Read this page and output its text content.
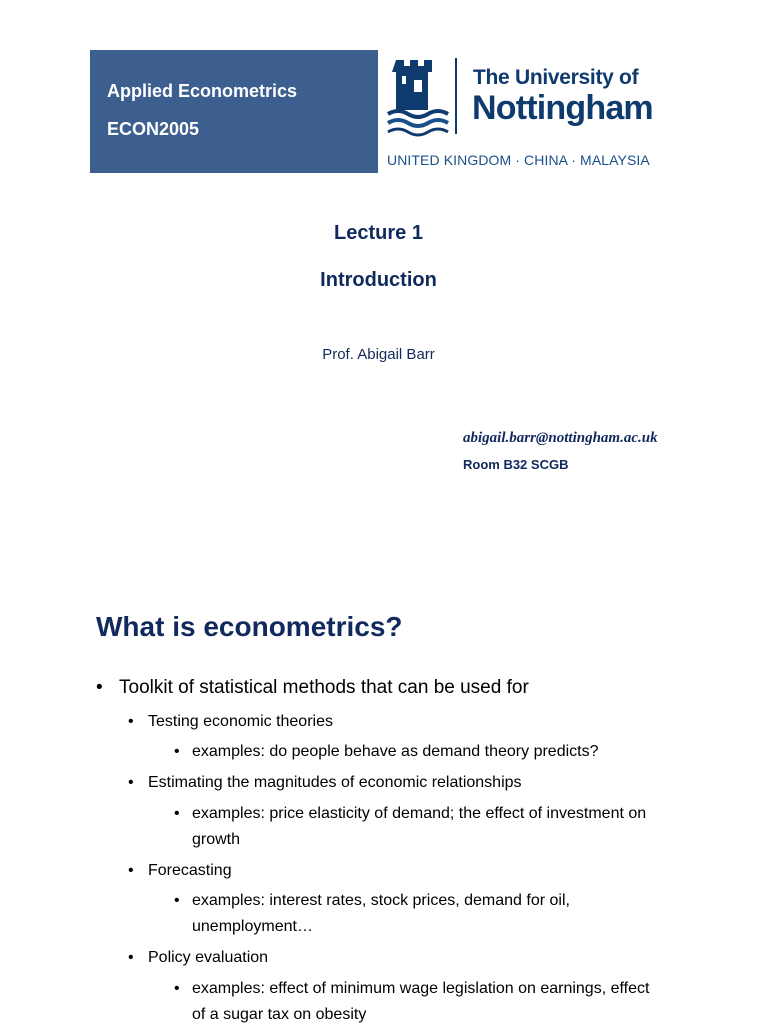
Applied Econometrics
ECON2005
The University of
Nottingham
UNITED KINGDOM · CHINA · MALAYSIA
Lecture 1
Introduction
Prof. Abigail Barr
abigail.barr@nottingham.ac.uk
Room B32 SCGB
What is econometrics?
• Toolkit of statistical methods that can be used for
• Testing economic theories
• examples: do people behave as demand theory predicts?
• Estimating the magnitudes of economic relationships
• examples: price elasticity of demand; the effect of investment on
growth
• Forecasting
• examples: interest rates, stock prices, demand for oil,
unemployment…
• Policy evaluation
• examples: effect of minimum wage legislation on earnings, effect
of a sugar tax on obesity
